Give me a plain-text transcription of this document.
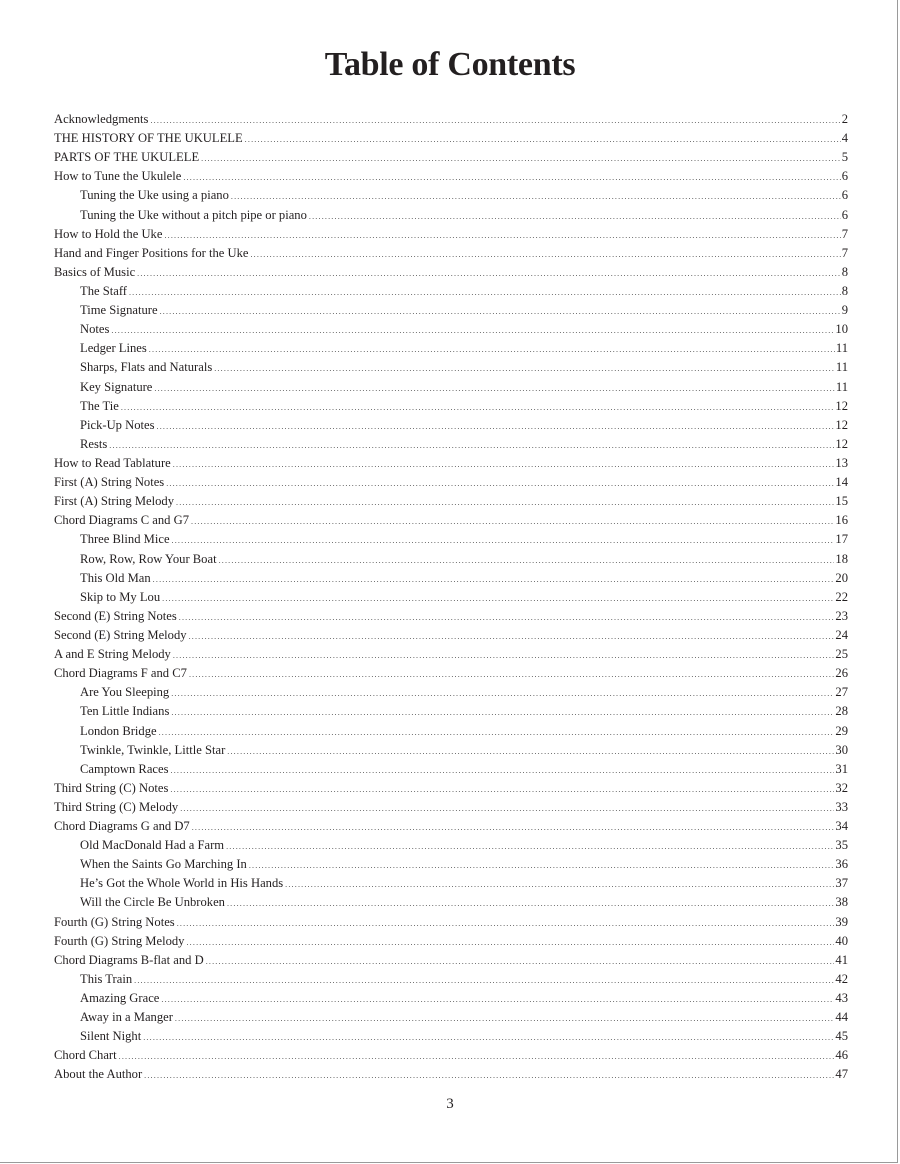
Table of Contents
Acknowledgments .....	2
THE HISTORY OF THE UKULELE .....	4
PARTS OF THE UKULELE .....	5
How to Tune the Ukulele .....	6
Tuning the Uke using a piano .....	6
Tuning the Uke without a pitch pipe or piano .....	6
How to Hold the Uke .....	7
Hand and Finger Positions for the Uke .....	7
Basics of Music .....	8
The Staff .....	8
Time Signature .....	9
Notes .....	10
Ledger Lines .....	11
Sharps, Flats and Naturals .....	11
Key Signature .....	11
The Tie .....	12
Pick-Up Notes .....	12
Rests .....	12
How to Read Tablature .....	13
First (A) String Notes .....	14
First (A) String Melody .....	15
Chord Diagrams C and G7 .....	16
Three Blind Mice .....	17
Row, Row, Row Your Boat .....	18
This Old Man .....	20
Skip to My Lou .....	22
Second (E) String Notes .....	23
Second (E) String Melody .....	24
A and E String Melody .....	25
Chord Diagrams F and C7 .....	26
Are You Sleeping .....	27
Ten Little Indians .....	28
London Bridge .....	29
Twinkle, Twinkle, Little Star .....	30
Camptown Races .....	31
Third String (C) Notes .....	32
Third String (C) Melody .....	33
Chord Diagrams G and D7 .....	34
Old MacDonald Had a Farm .....	35
When the Saints Go Marching In .....	36
He’s Got the Whole World in His Hands .....	37
Will the Circle Be Unbroken .....	38
Fourth (G) String Notes .....	39
Fourth (G) String Melody .....	40
Chord Diagrams B-flat and D .....	41
This Train .....	42
Amazing Grace .....	43
Away in a Manger .....	44
Silent Night .....	45
Chord Chart .....	46
About the Author .....	47
3
